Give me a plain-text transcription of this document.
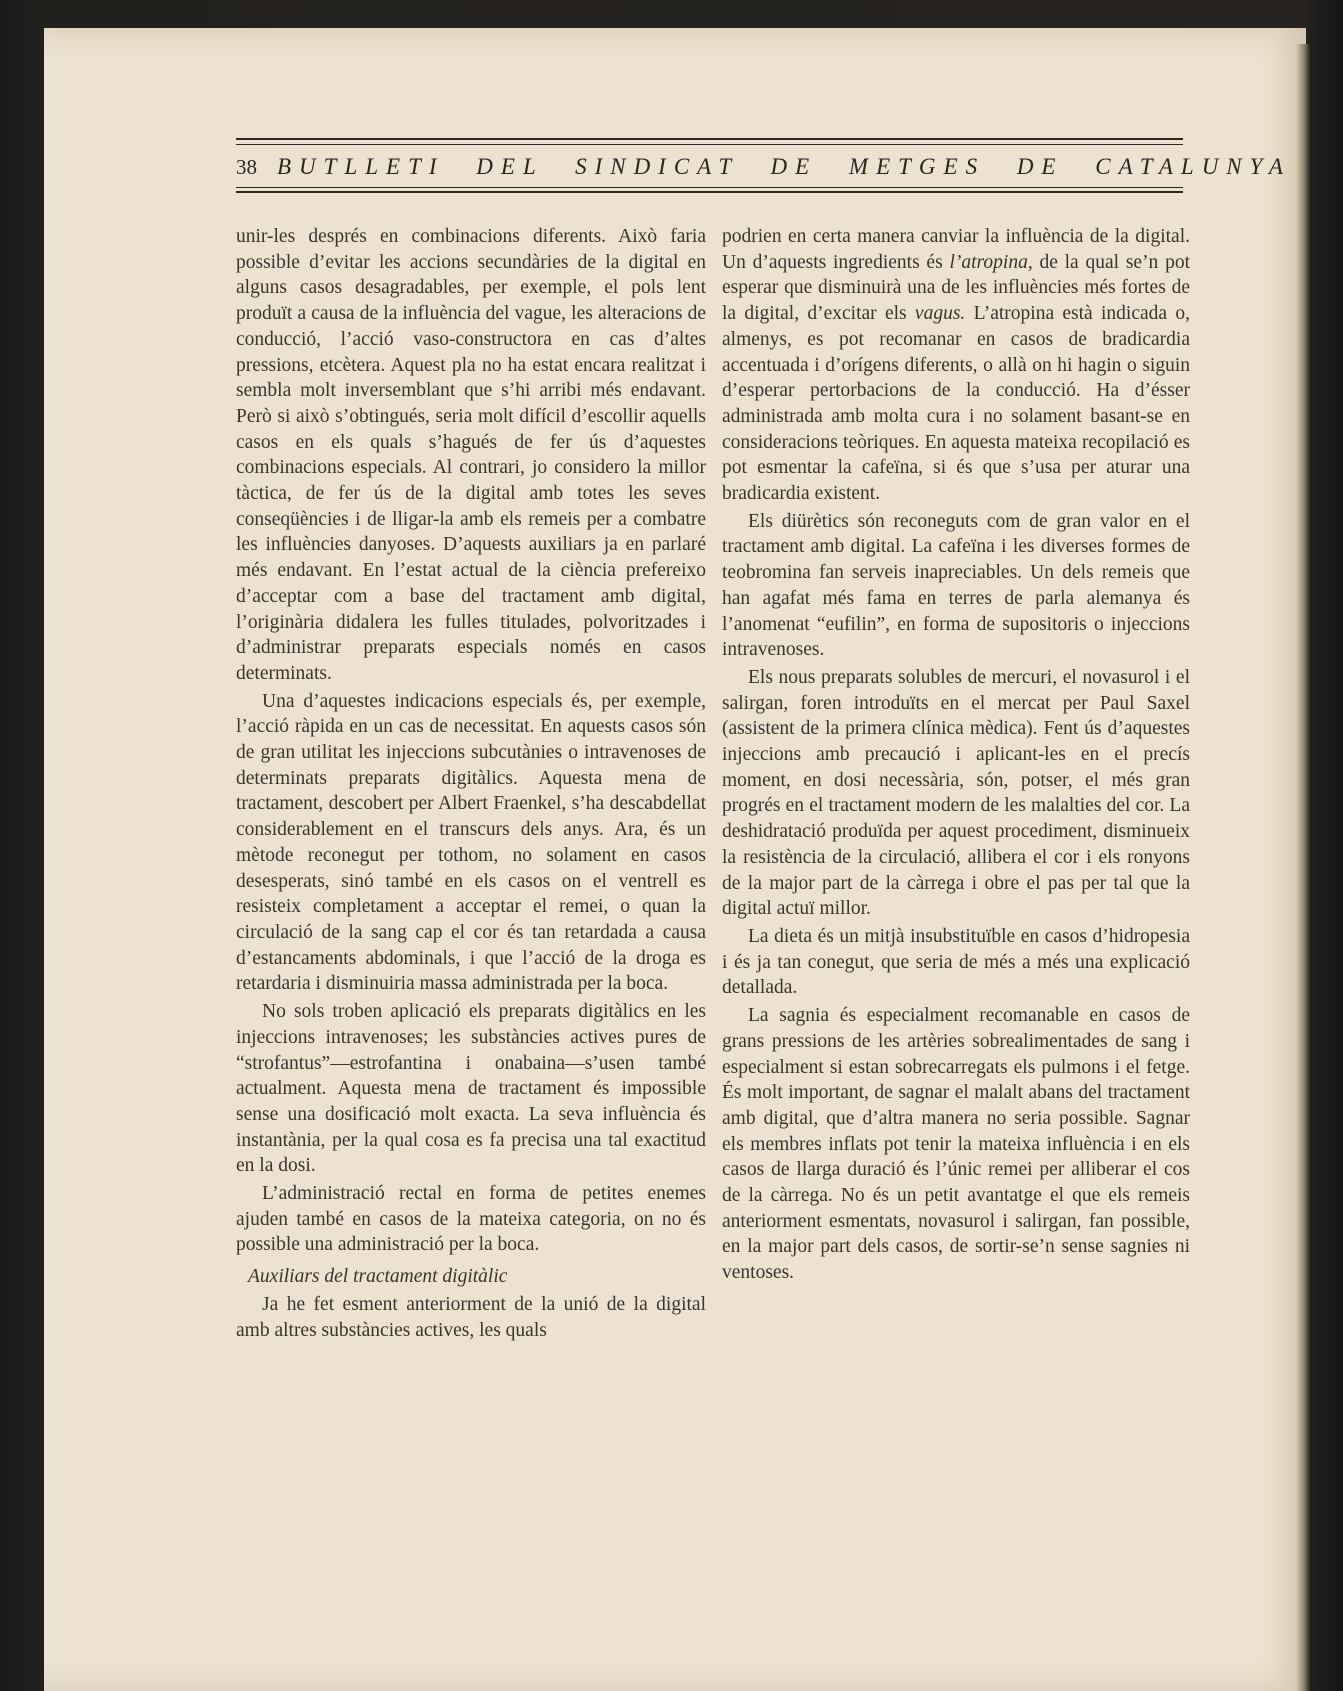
38 BUTLLETI DEL SINDICAT DE METGES DE CATALUNYA

unir-les després en combinacions diferents. Això faria possible d’evitar les accions secundàries de la digital en alguns casos desagradables, per exemple, el pols lent produït a causa de la influència del vague, les alteracions de conducció, l’acció vaso-constructora en cas d’altes pressions, etcètera. Aquest pla no ha estat encara realitzat i sembla molt inversemblant que s’hi arribi més endavant. Però si això s’obtingués, seria molt difícil d’escollir aquells casos en els quals s’hagués de fer ús d’aquestes combinacions especials. Al contrari, jo considero la millor tàctica, de fer ús de la digital amb totes les seves conseqüències i de lligar-la amb els remeis per a combatre les influències danyoses. D’aquests auxiliars ja en parlaré més endavant. En l’estat actual de la ciència prefereixo d’acceptar com a base del tractament amb digital, l’originària didalera les fulles titulades, polvoritzades i d’administrar preparats especials només en casos determinats.

Una d’aquestes indicacions especials és, per exemple, l’acció ràpida en un cas de necessitat. En aquests casos són de gran utilitat les injeccions subcutànies o intravenoses de determinats preparats digitàlics. Aquesta mena de tractament, descobert per Albert Fraenkel, s’ha descabdellat considerablement en el transcurs dels anys. Ara, és un mètode reconegut per tothom, no solament en casos desesperats, sinó també en els casos on el ventrell es resisteix completament a acceptar el remei, o quan la circulació de la sang cap el cor és tan retardada a causa d’estancaments abdominals, i que l’acció de la droga es retardaria i disminuiria massa administrada per la boca.

No sols troben aplicació els preparats digitàlics en les injeccions intravenoses; les substàncies actives pures de “strofantus”—estrofantina i onabaina—s’usen també actualment. Aquesta mena de tractament és impossible sense una dosificació molt exacta. La seva influència és instantània, per la qual cosa es fa precisa una tal exactitud en la dosi.

L’administració rectal en forma de petites enemes ajuden també en casos de la mateixa categoria, on no és possible una administració per la boca.

Auxiliars del tractament digitàlic

Ja he fet esment anteriorment de la unió de la digital amb altres substàncies actives, les quals

podrien en certa manera canviar la influència de la digital. Un d’aquests ingredients és l’atropina, de la qual se’n pot esperar que disminuirà una de les influències més fortes de la digital, d’excitar els vagus. L’atropina està indicada o, almenys, es pot recomanar en casos de bradicardia accentuada i d’orígens diferents, o allà on hi hagin o siguin d’esperar pertorbacions de la conducció. Ha d’ésser administrada amb molta cura i no solament basant-se en consideracions teòriques. En aquesta mateixa recopilació es pot esmentar la cafeïna, si és que s’usa per aturar una bradicardia existent.

Els diürètics són reconeguts com de gran valor en el tractament amb digital. La cafeïna i les diverses formes de teobromina fan serveis inapreciables. Un dels remeis que han agafat més fama en terres de parla alemanya és l’anomenat “eufilin”, en forma de supositoris o injeccions intravenoses.

Els nous preparats solubles de mercuri, el novasurol i el salirgan, foren introduïts en el mercat per Paul Saxel (assistent de la primera clínica mèdica). Fent ús d’aquestes injeccions amb precaució i aplicant-les en el precís moment, en dosi necessària, són, potser, el més gran progrés en el tractament modern de les malalties del cor. La deshidratació produïda per aquest procediment, disminueix la resistència de la circulació, allibera el cor i els ronyons de la major part de la càrrega i obre el pas per tal que la digital actuï millor.

La dieta és un mitjà insubstituïble en casos d’hidropesia i és ja tan conegut, que seria de més a més una explicació detallada.

La sagnia és especialment recomanable en casos de grans pressions de les artèries sobrealimentades de sang i especialment si estan sobrecarregats els pulmons i el fetge. És molt important, de sagnar el malalt abans del tractament amb digital, que d’altra manera no seria possible. Sagnar els membres inflats pot tenir la mateixa influència i en els casos de llarga duració és l’únic remei per alliberar el cos de la càrrega. No és un petit avantatge el que els remeis anteriorment esmentats, novasurol i salirgan, fan possible, en la major part dels casos, de sortir-se’n sense sagnies ni ventoses.
